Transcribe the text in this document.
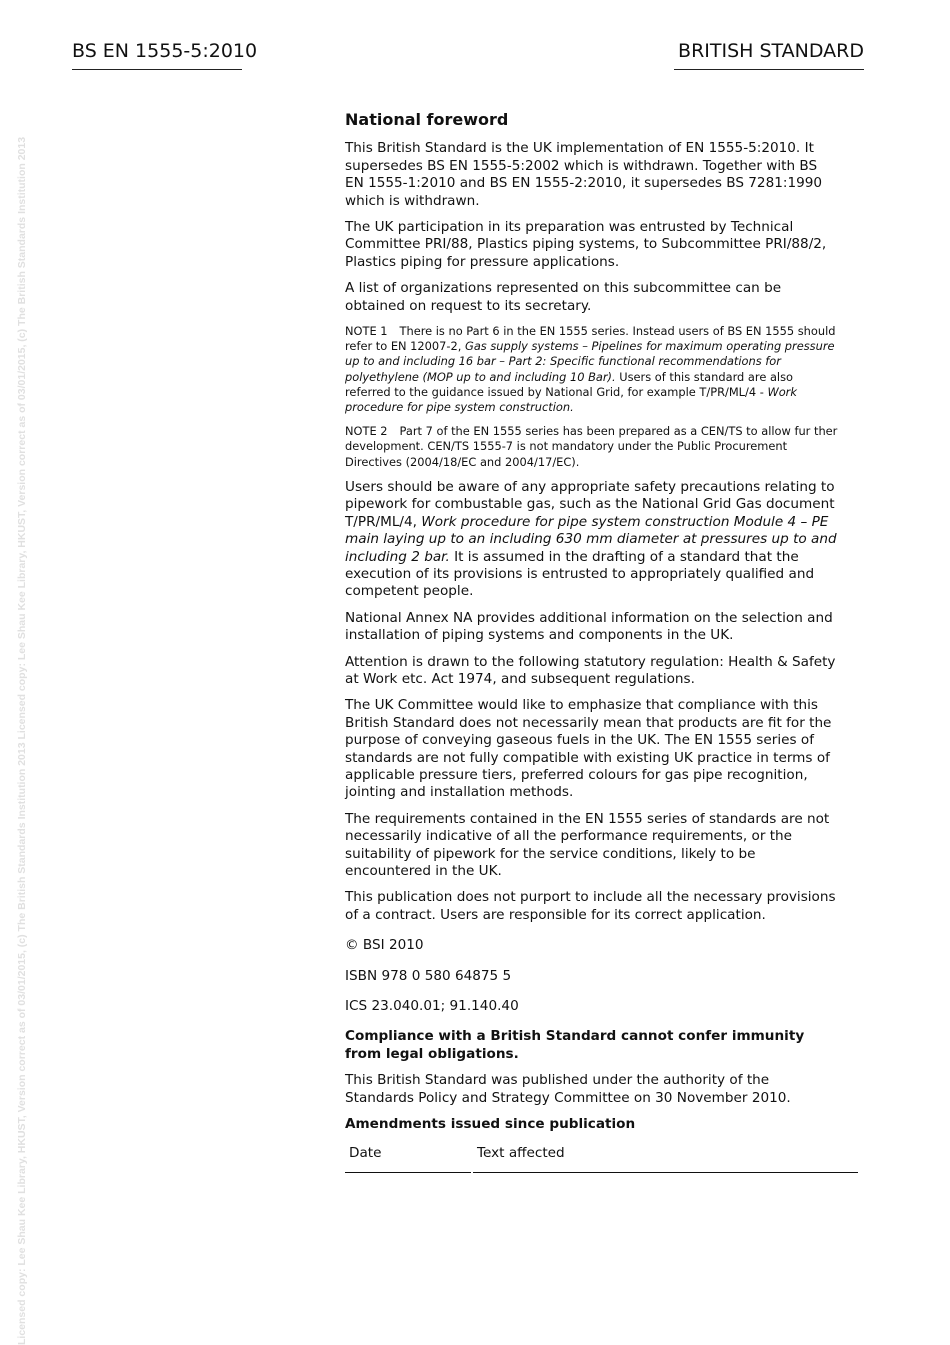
Licensed copy: Lee Shau Kee Library, HKUST, Version correct as of 03/01/2015, (c) The British Standards Institution 2013 Licensed copy: Lee Shau Kee Library, HKUST, Version correct as of 03/01/2015, (c) The British Standards Institution 2013
BS EN 1555-5:2010	BRITISH STANDARD

National foreword

This British Standard is the UK implementation of EN 1555-5:2010. It supersedes BS EN 1555-5:2002 which is withdrawn. Together with BS EN 1555-1:2010 and BS EN 1555-2:2010, it supersedes BS 7281:1990 which is withdrawn.

The UK participation in its preparation was entrusted by Technical Committee PRI/88, Plastics piping systems, to Subcommittee PRI/88/2, Plastics piping for pressure applications.

A list of organizations represented on this subcommittee can be obtained on request to its secretary.

NOTE 1 There is no Part 6 in the EN 1555 series. Instead users of BS EN 1555 should refer to EN 12007-2, Gas supply systems – Pipelines for maximum operating pressure up to and including 16 bar – Part 2: Specific functional recommendations for polyethylene (MOP up to and including 10 Bar). Users of this standard are also referred to the guidance issued by National Grid, for example T/PR/ML/4 - Work procedure for pipe system construction.

NOTE 2 Part 7 of the EN 1555 series has been prepared as a CEN/TS to allow fur ther development. CEN/TS 1555-7 is not mandatory under the Public Procurement Directives (2004/18/EC and 2004/17/EC).

Users should be aware of any appropriate safety precautions relating to pipework for combustable gas, such as the National Grid Gas document T/PR/ML/4, Work procedure for pipe system construction Module 4 – PE main laying up to an including 630 mm diameter at pressures up to and including 2 bar. It is assumed in the drafting of a standard that the execution of its provisions is entrusted to appropriately qualified and competent people.

National Annex NA provides additional information on the selection and installation of piping systems and components in the UK.

Attention is drawn to the following statutory regulation: Health & Safety at Work etc. Act 1974, and subsequent regulations.

The UK Committee would like to emphasize that compliance with this British Standard does not necessarily mean that products are fit for the purpose of conveying gaseous fuels in the UK. The EN 1555 series of standards are not fully compatible with existing UK practice in terms of applicable pressure tiers, preferred colours for gas pipe recognition, jointing and installation methods.

The requirements contained in the EN 1555 series of standards are not necessarily indicative of all the performance requirements, or the suitability of pipework for the service conditions, likely to be encountered in the UK.

This publication does not purport to include all the necessary provisions of a contract. Users are responsible for its correct application.

© BSI 2010

ISBN 978 0 580 64875 5

ICS 23.040.01; 91.140.40

Compliance with a British Standard cannot confer immunity from legal obligations.

This British Standard was published under the authority of the Standards Policy and Strategy Committee on 30 November 2010.

Amendments issued since publication

Date	Text affected
